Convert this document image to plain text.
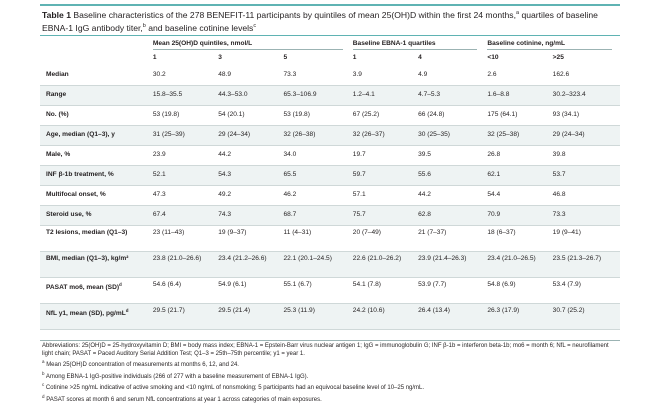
Table 1 Baseline characteristics of the 278 BENEFIT-11 participants by quintiles of mean 25(OH)D within the first 24 months,$^a$ quartiles of baseline EBNA-1 IgG antibody titer,$^b$ and baseline cotinine levels$^c$

	Mean 25(OH)D quintiles, nmol/L			Baseline EBNA-1 quartiles		Baseline cotinine, ng/mL	

	1	3	5	1	4	<10	>25
Median	30.2	48.9	73.3	3.9	4.9	2.6	162.6
Range	15.8–35.5	44.3–53.0	65.3–106.9	1.2–4.1	4.7–5.3	1.6–8.8	30.2–323.4
No. (%)	53 (19.8)	54 (20.1)	53 (19.8)	67 (25.2)	66 (24.8)	175 (64.1)	93 (34.1)
Age, median (Q1–3), y	31 (25–39)	29 (24–34)	32 (26–38)	32 (26–37)	30 (25–35)	32 (25–38)	29 (24–34)
Male, %	23.9	44.2	34.0	19.7	39.5	26.8	39.8
INF β-1b treatment, %	52.1	54.3	65.5	59.7	55.6	62.1	53.7
Multifocal onset, %	47.3	49.2	46.2	57.1	44.2	54.4	46.8
Steroid use, %	67.4	74.3	68.7	75.7	62.8	70.9	73.3
T2 lesions, median (Q1–3)	23 (11–43)	19 (9–37)	11 (4–31)	20 (7–49)	21 (7–37)	18 (6–37)	19 (9–41)
BMI, median (Q1–3), kg/m²	23.8 (21.0–26.6)	23.4 (21.2–26.6)	22.1 (20.1–24.5)	22.6 (21.0–26.2)	23.9 (21.4–26.3)	23.4 (21.0–26.5)	23.5 (21.3–26.7)
PASAT mo6, mean (SD)$^d$	54.6 (6.4)	54.9 (6.1)	55.1 (6.7)	54.1 (7.8)	53.9 (7.7)	54.8 (6.9)	53.4 (7.9)
NfL y1, mean (SD), $pg/mL^d$	29.5 (21.7)	29.5 (21.4)	25.3 (11.9)	24.2 (10.6)	26.4 (13.4)	26.3 (17.9)	30.7 (25.2)
Abbreviations: 25(OH)D = 25-hydroxyvitamin D; BMI = body mass index; EBNA-1 = Epstein-Barr virus nuclear antigen 1; IgG = immunoglobulin G; INF β-1b = interferon beta-1b; mo6 = month 6; NfL = neurofilament light chain; PASAT = Paced Auditory Serial Addition Test; Q1–3 = 25th–75th percentile; y1 = year 1.
$^a$ Mean 25(OH)D concentration of measurements at months 6, 12, and 24.
$^b$ Among EBNA-1 IgG-positive individuals (266 of 277 with a baseline measurement of EBNA-1 IgG).
$^c$ Cotinine >25 ng/mL indicative of active smoking and <10 ng/mL of nonsmoking; 5 participants had an equivocal baseline level of 10–25 ng/mL.
$^d$ PASAT scores at month 6 and serum NfL concentrations at year 1 across categories of main exposures.
